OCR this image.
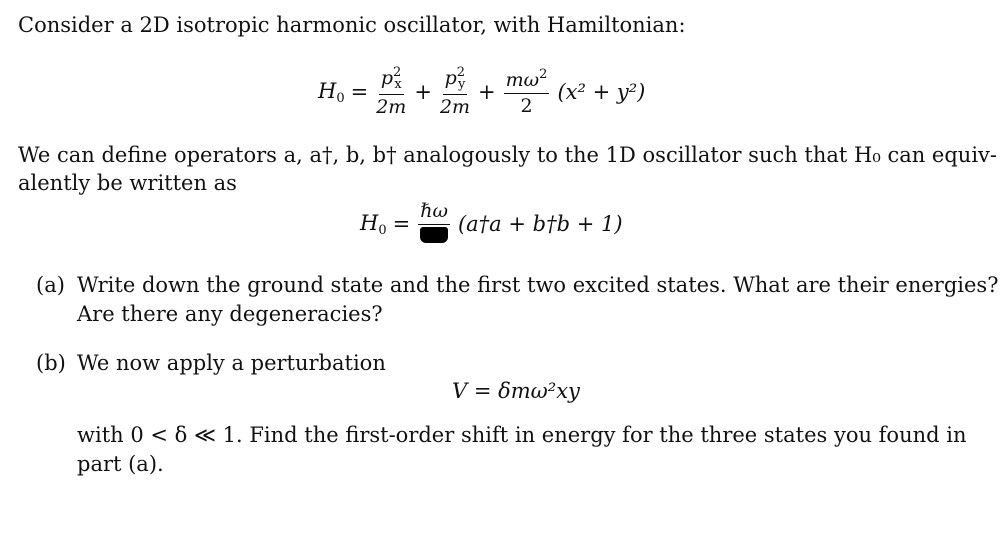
Consider a 2D isotropic harmonic oscillator, with Hamiltonian:
$H_0 = \frac{p^2_x}{2m} + \frac{p^2_y}{2m} + \frac{m\omega^2}{2} (x^2 + y^2)$
We can define operators a, a†, b, b† analogously to the 1D oscillator such that H₀ can equiv-
alently be written as
$H_0$ =
ℏω
(a†a + b†b + 1)
(a) Write down the ground state and the first two excited states. What are their energies?
Are there any degeneracies?
(b) We now apply a perturbation
V = δmω²xy
with 0 < δ ≪ 1. Find the first-order shift in energy for the three states you found in
part (a).
